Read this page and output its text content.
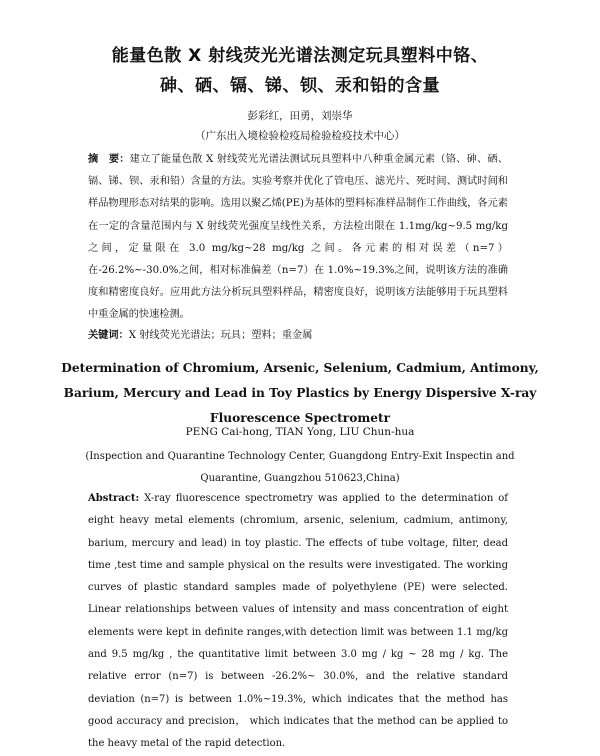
能量色散 X 射线荧光光谱法测定玩具塑料中铬、
砷、硒、镉、锑、钡、汞和铅的含量
彭彩红，田勇，刘崇华
（广东出入境检验检疫局检验检疫技术中心）
摘　要：建立了能量色散 X 射线荧光光谱法测试玩具塑料中八种重金属元素（铬、砷、硒、镉、锑、钡、汞和铅）含量的方法。实验考察并优化了管电压、滤光片、死时间、测试时间和样品物理形态对结果的影响。选用以聚乙烯(PE)为基体的塑料标准样品制作工作曲线，各元素在一定的含量范围内与 X 射线荧光强度呈线性关系，方法检出限在 1.1mg/kg~9.5 mg/kg 之间，定量限在 3.0 mg/kg~28 mg/kg 之间。各元素的相对误差（n=7）在-26.2%~-30.0%之间，相对标准偏差（n=7）在 1.0%~19.3%之间，说明该方法的准确度和精密度良好。应用此方法分析玩具塑料样品，精密度良好，说明该方法能够用于玩具塑料中重金属的快速检测。
关键词：X 射线荧光光谱法；玩具；塑料；重金属
Determination of Chromium, Arsenic, Selenium, Cadmium, Antimony, Barium, Mercury and Lead in Toy Plastics by Energy Dispersive X-ray Fluorescence Spectrometr
PENG Cai-hong, TIAN Yong, LIU Chun-hua
(Inspection and Quarantine Technology Center, Guangdong Entry-Exit Inspectin and Quarantine, Guangzhou 510623,China)
Abstract: X-ray fluorescence spectrometry was applied to the determination of eight heavy metal elements (chromium, arsenic, selenium, cadmium, antimony, barium, mercury and lead) in toy plastic. The effects of tube voltage, filter, dead time ,test time and sample physical on the results were investigated. The working curves of plastic standard samples made of polyethylene (PE) were selected. Linear relationships between values of intensity and mass concentration of eight elements were kept in definite ranges,with detection limit was between 1.1 mg/kg and 9.5 mg/kg , the quantitative limit between 3.0 mg / kg ~ 28 mg / kg. The relative error (n=7) is between -26.2%~ 30.0%, and the relative standard deviation (n=7) is between 1.0%~19.3%, which indicates that the method has good accuracy and precision， which indicates that the method can be applied to the heavy metal of the rapid detection.
